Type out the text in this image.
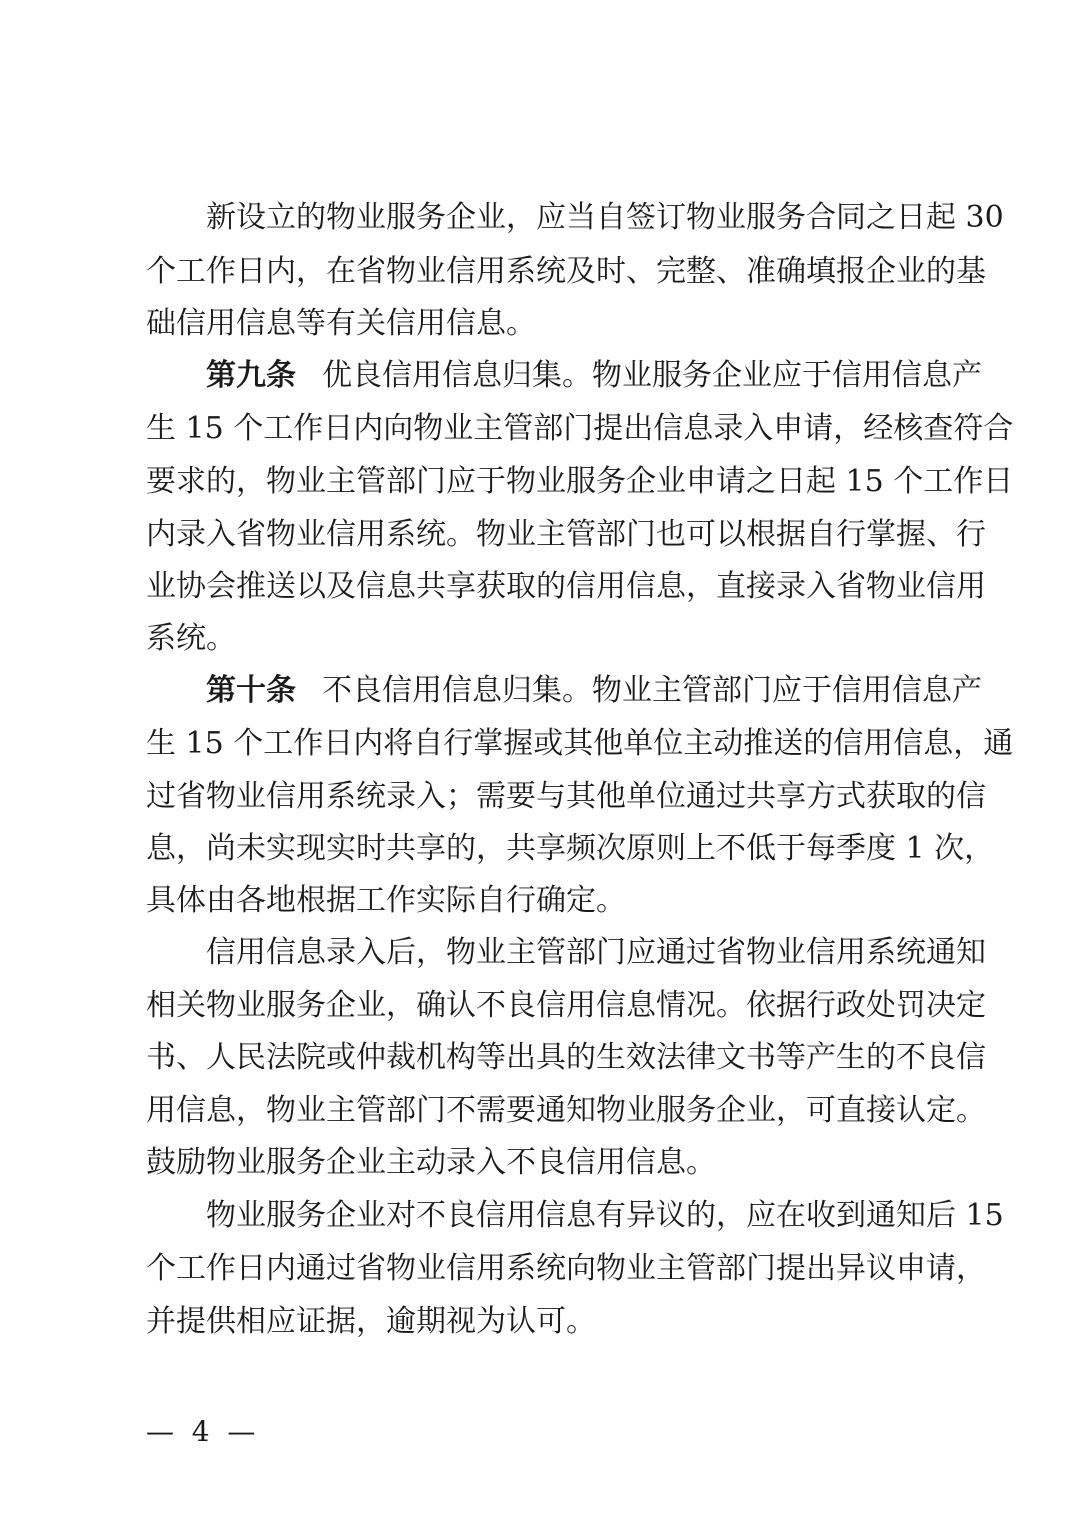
新设立的物业服务企业，应当自签订物业服务合同之日起 30
个工作日内，在省物业信用系统及时、完整、准确填报企业的基
础信用信息等有关信用信息。
第九条 优良信用信息归集。物业服务企业应于信用信息产
生 15 个工作日内向物业主管部门提出信息录入申请，经核查符合
要求的，物业主管部门应于物业服务企业申请之日起 15 个工作日
内录入省物业信用系统。物业主管部门也可以根据自行掌握、行
业协会推送以及信息共享获取的信用信息，直接录入省物业信用
系统。
第十条 不良信用信息归集。物业主管部门应于信用信息产
生 15 个工作日内将自行掌握或其他单位主动推送的信用信息，通
过省物业信用系统录入；需要与其他单位通过共享方式获取的信
息，尚未实现实时共享的，共享频次原则上不低于每季度 1 次，
具体由各地根据工作实际自行确定。
信用信息录入后，物业主管部门应通过省物业信用系统通知
相关物业服务企业，确认不良信用信息情况。依据行政处罚决定
书、人民法院或仲裁机构等出具的生效法律文书等产生的不良信
用信息，物业主管部门不需要通知物业服务企业，可直接认定。
鼓励物业服务企业主动录入不良信用信息。
物业服务企业对不良信用信息有异议的，应在收到通知后 15
个工作日内通过省物业信用系统向物业主管部门提出异议申请，
并提供相应证据，逾期视为认可。
—  4  —
